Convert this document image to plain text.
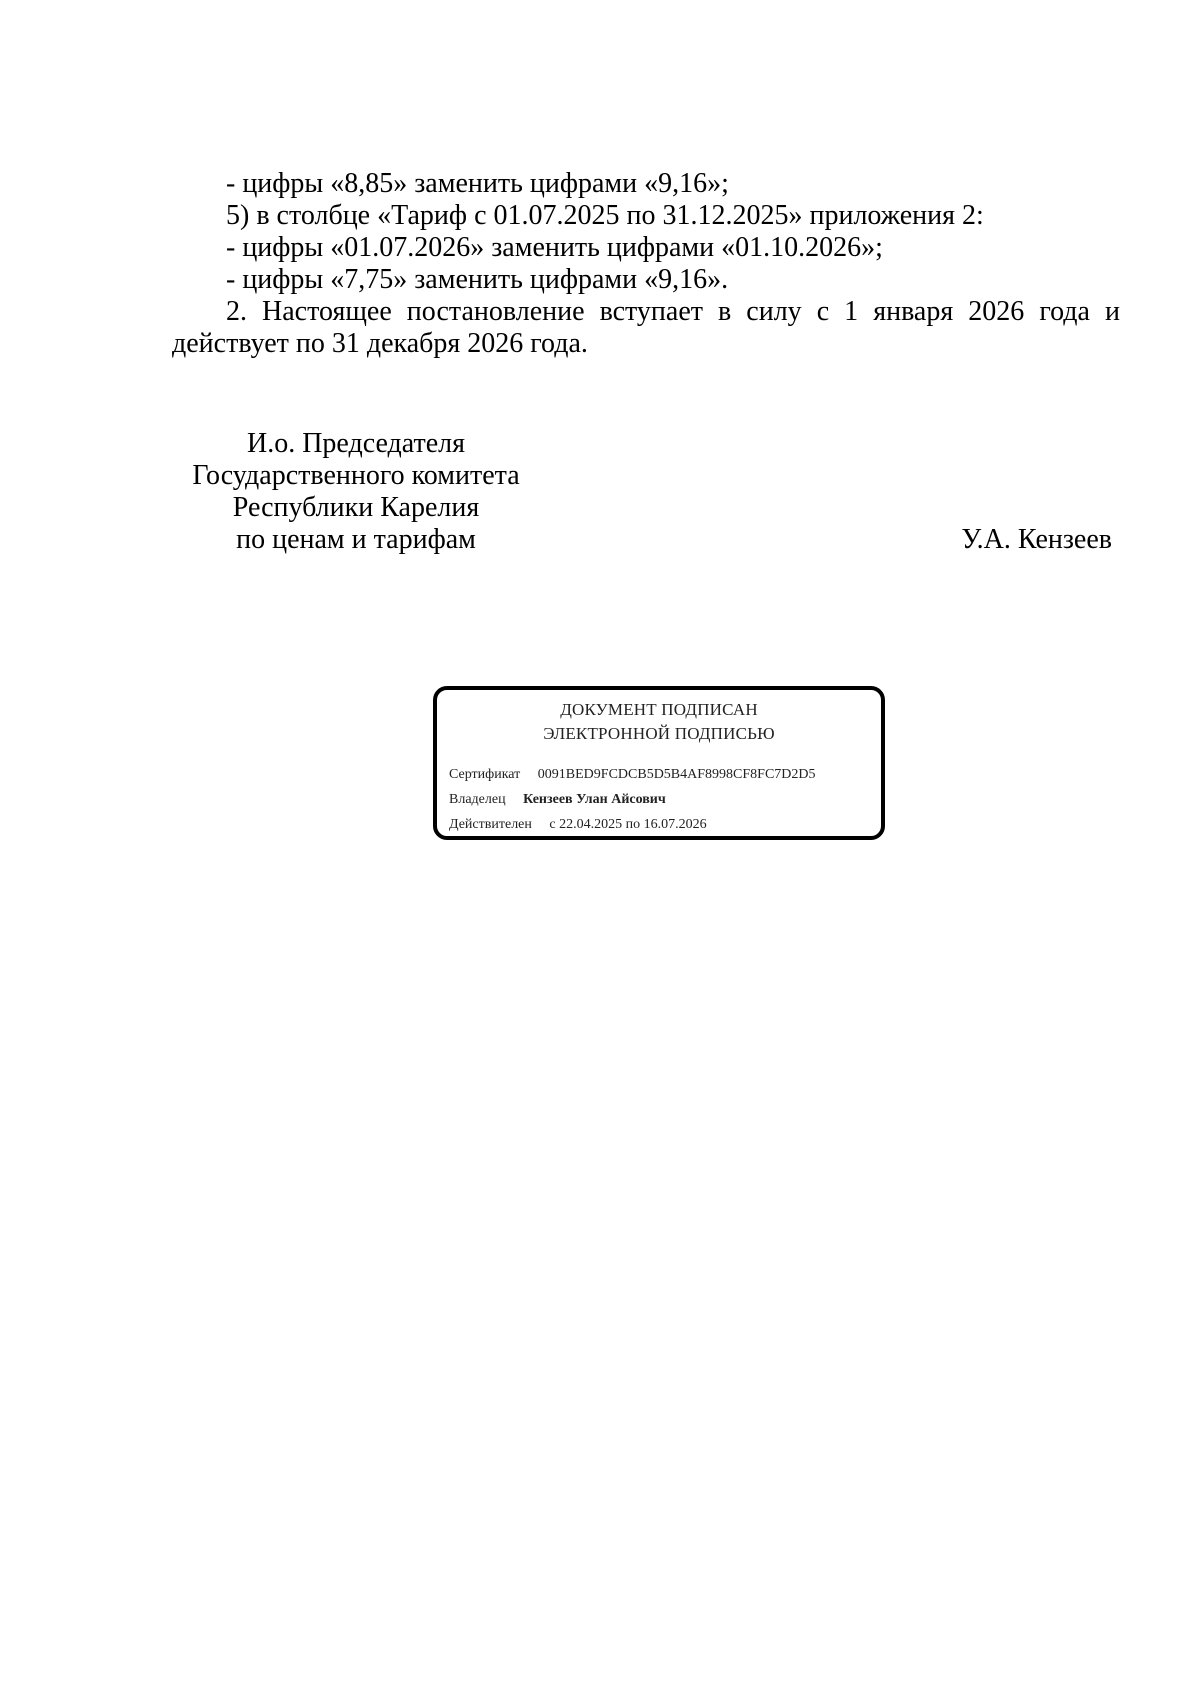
- цифры «8,85» заменить цифрами «9,16»;
5) в столбце «Тариф с 01.07.2025 по 31.12.2025» приложения 2:
- цифры «01.07.2026» заменить цифрами «01.10.2026»;
- цифры «7,75» заменить цифрами «9,16».
2. Настоящее постановление вступает в силу с 1 января 2026 года и
действует по 31 декабря 2026 года.
И.о. Председателя
Государственного комитета
Республики Карелия
по ценам и тарифам	У.А. Кензеев
ДОКУМЕНТ ПОДПИСАН
ЭЛЕКТРОННОЙ ПОДПИСЬЮ
Сертификат 0091BED9FCDCB5D5B4AF8998CF8FC7D2D5
Владелец Кензеев Улан Айсович
Действителен с 22.04.2025 по 16.07.2026
